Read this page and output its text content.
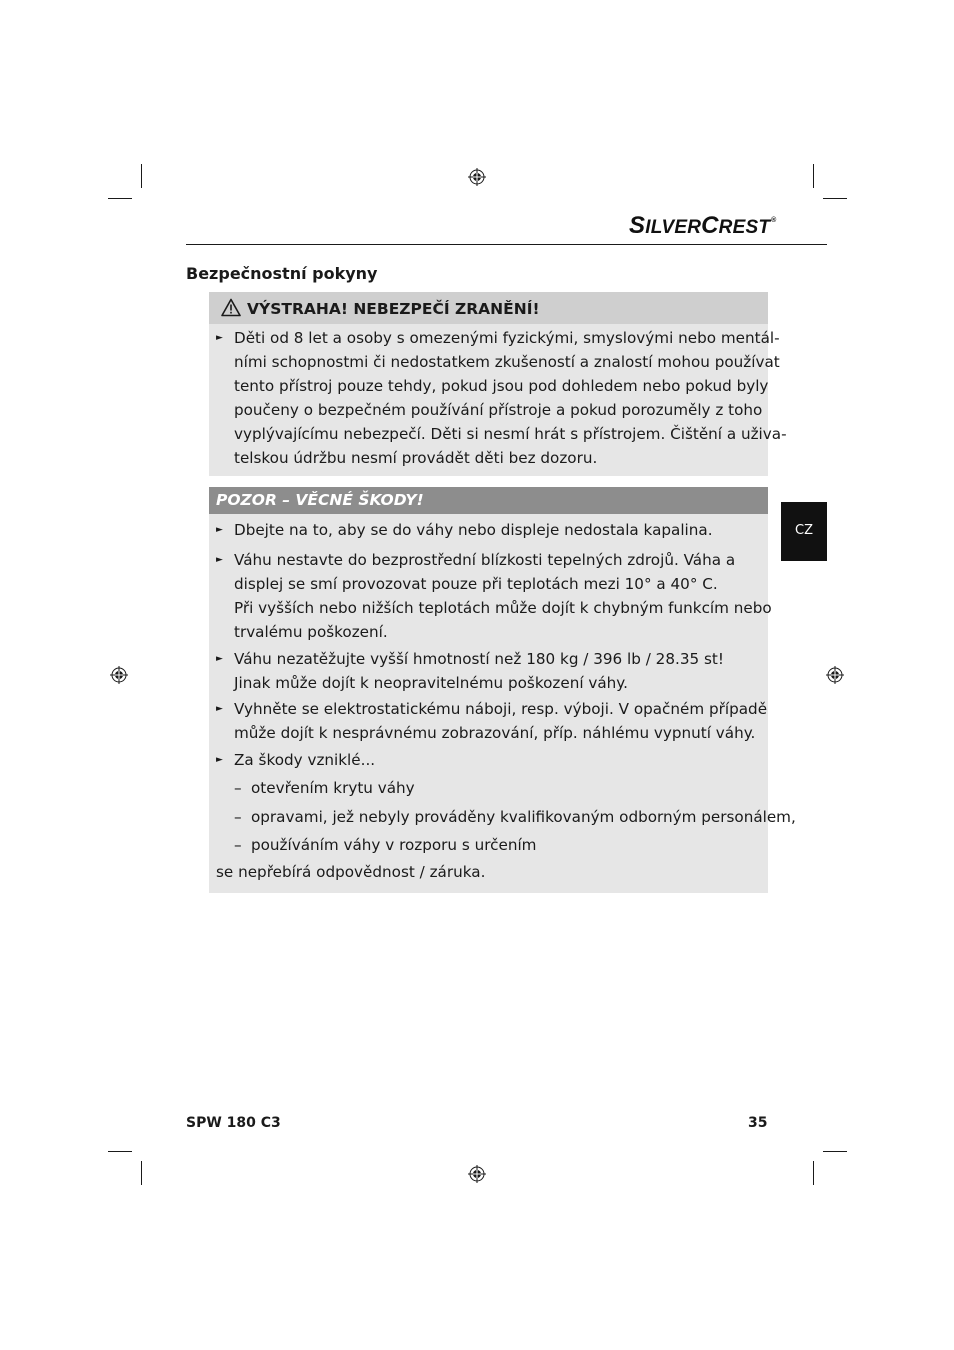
SILVERCREST®
Bezpečnostní pokyny
VÝSTRAHA! NEBEZPEČÍ ZRANĚNÍ!
► Děti od 8 let a osoby s omezenými fyzickými, smyslovými nebo mentál-
ními schopnostmi či nedostatkem zkušeností a znalostí mohou používat
tento přístroj pouze tehdy, pokud jsou pod dohledem nebo pokud byly
poučeny o bezpečném používání přístroje a pokud porozuměly z toho
vyplývajícímu nebezpečí. Děti si nesmí hrát s přístrojem. Čištění a uživa-
telskou údržbu nesmí provádět děti bez dozoru.
POZOR – VĚCNÉ ŠKODY!
► Dbejte na to, aby se do váhy nebo displeje nedostala kapalina.
► Váhu nestavte do bezprostřední blízkosti tepelných zdrojů. Váha a
displej se smí provozovat pouze při teplotách mezi 10° a 40° C.
Při vyšších nebo nižších teplotách může dojít k chybným funkcím nebo
trvalému poškození.
► Váhu nezatěžujte vyšší hmotností než 180 kg / 396 lb / 28.35 st!
Jinak může dojít k neopravitelnému poškození váhy.
► Vyhněte se elektrostatickému náboji, resp. výboji. V opačném případě
může dojít k nesprávnému zobrazování, příp. náhlému vypnutí váhy.
► Za škody vzniklé...
– otevřením krytu váhy
– opravami, jež nebyly prováděny kvalifikovaným odborným personálem,
– používáním váhy v rozporu s určením
se nepřebírá odpovědnost / záruka.
CZ
SPW 180 C3	35
